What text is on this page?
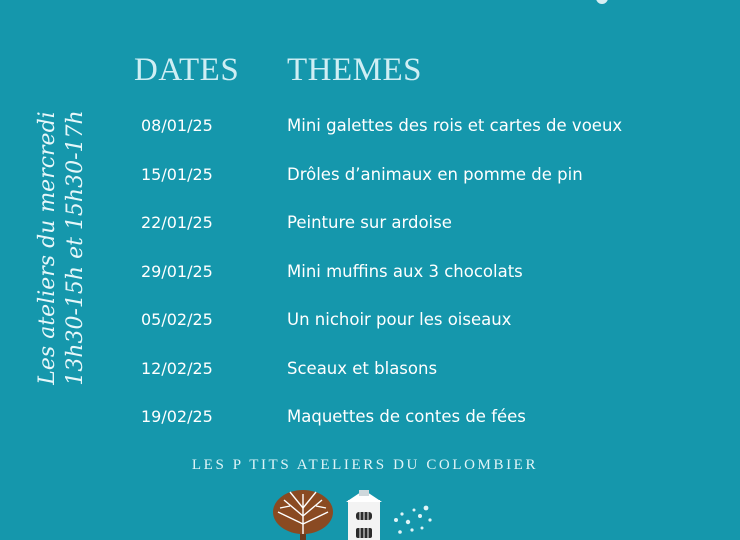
Les ateliers du mercredi 13h30-15h et 15h30-17h
DATES THEMES
08/01/25	Mini galettes des rois et cartes de voeux
15/01/25	Drôles d’animaux en pomme de pin
22/01/25	Peinture sur ardoise
29/01/25	Mini muffins aux 3 chocolats
05/02/25	Un nichoir pour les oiseaux
12/02/25	Sceaux et blasons
19/02/25	Maquettes de contes de fées
LES P TITS ATELIERS DU COLOMBIER
